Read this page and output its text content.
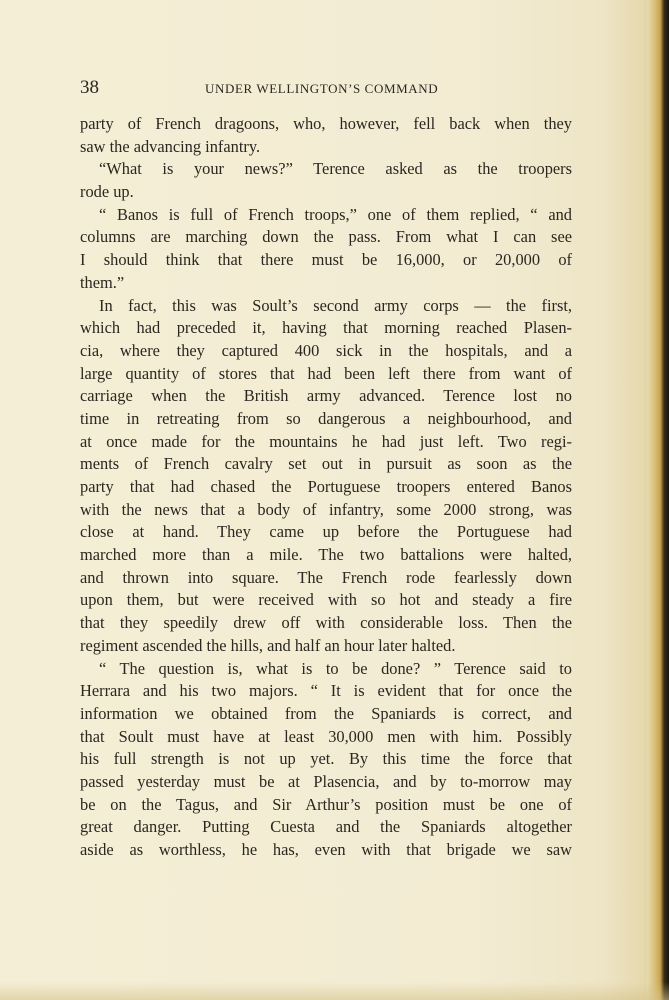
38	UNDER WELLINGTON’S COMMAND
party of French dragoons, who, however, fell back when they
saw the advancing infantry.
“What is your news?” Terence asked as the troopers
rode up.
“ Banos is full of French troops,” one of them replied, “ and
columns are marching down the pass. From what I can see
I should think that there must be 16,000, or 20,000 of
them.”
In fact, this was Soult’s second army corps — the first,
which had preceded it, having that morning reached Plasen-
cia, where they captured 400 sick in the hospitals, and a
large quantity of stores that had been left there from want of
carriage when the British army advanced. Terence lost no
time in retreating from so dangerous a neighbourhood, and
at once made for the mountains he had just left. Two regi-
ments of French cavalry set out in pursuit as soon as the
party that had chased the Portuguese troopers entered Banos
with the news that a body of infantry, some 2000 strong, was
close at hand. They came up before the Portuguese had
marched more than a mile. The two battalions were halted,
and thrown into square. The French rode fearlessly down
upon them, but were received with so hot and steady a fire
that they speedily drew off with considerable loss. Then the
regiment ascended the hills, and half an hour later halted.
“ The question is, what is to be done? ” Terence said to
Herrara and his two majors. “ It is evident that for once the
information we obtained from the Spaniards is correct, and
that Soult must have at least 30,000 men with him. Possibly
his full strength is not up yet. By this time the force that
passed yesterday must be at Plasencia, and by to-morrow may
be on the Tagus, and Sir Arthur’s position must be one of
great danger. Putting Cuesta and the Spaniards altogether
aside as worthless, he has, even with that brigade we saw
